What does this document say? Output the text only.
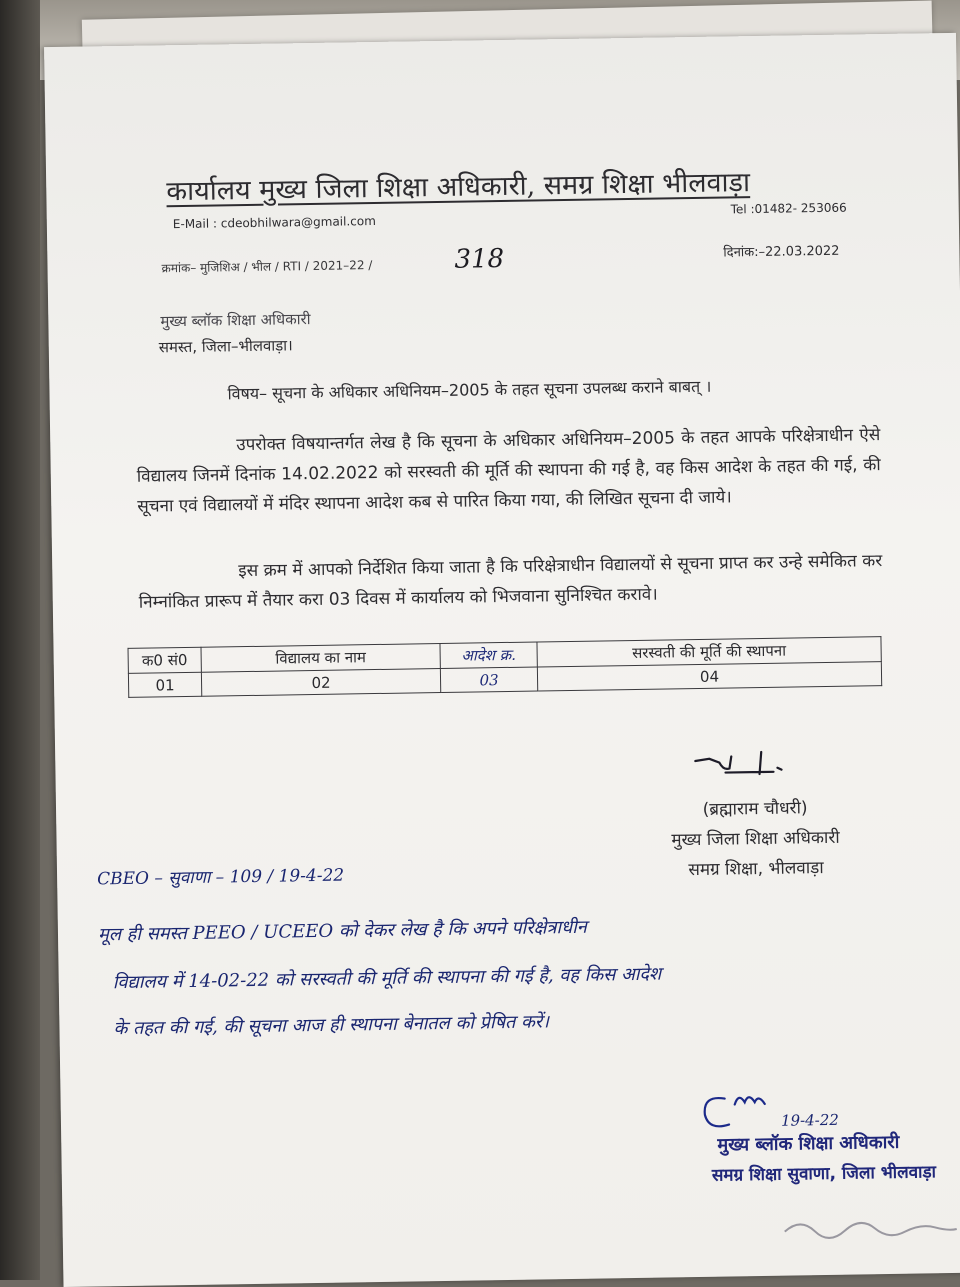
कार्यालय मुख्य जिला शिक्षा अधिकारी, समग्र शिक्षा भीलवाड़ा
E-Mail : cdeobhilwara@gmail.com
Tel :01482- 253066
क्रमांक– मुजिशिअ / भील / RTI / 2021–22 /	318	दिनांक:–22.03.2022
मुख्य ब्लॉक शिक्षा अधिकारी
समस्त, जिला–भीलवाड़ा।
विषय– सूचना के अधिकार अधिनियम–2005 के तहत सूचना उपलब्ध कराने बाबत् ।
उपरोक्त विषयान्तर्गत लेख है कि सूचना के अधिकार अधिनियम–2005 के तहत आपके परिक्षेत्राधीन ऐसे विद्यालय जिनमें दिनांक 14.02.2022 को सरस्वती की मूर्ति की स्थापना की गई है, वह किस आदेश के तहत की गई, की सूचना एवं विद्यालयों में मंदिर स्थापना आदेश कब से पारित किया गया, की लिखित सूचना दी जाये।
इस क्रम में आपको निर्देशित किया जाता है कि परिक्षेत्राधीन विद्यालयों से सूचना प्राप्त कर उन्हे समेकित कर निम्नांकित प्रारूप में तैयार करा 03 दिवस में कार्यालय को भिजवाना सुनिश्चित करावे।
क0 सं0	विद्यालय का नाम	आदेश क्र.	सरस्वती की मूर्ति की स्थापना
01	02	03	04
(ब्रह्माराम चौधरी)
मुख्य जिला शिक्षा अधिकारी
समग्र शिक्षा, भीलवाड़ा
CBEO – सुवाणा – 109 / 19-4-22
मूल ही समस्त PEEO / UCEEO को देकर लेख है कि अपने परिक्षेत्राधीन
विद्यालय में 14-02-22 को सरस्वती की मूर्ति की स्थापना की गई है, वह किस आदेश
के तहत की गई, की सूचना आज ही स्थापना बेनातल को प्रेषित करें।
19-4-22
मुख्य ब्लॉक शिक्षा अधिकारी
समग्र शिक्षा सुवाणा, जिला भीलवाड़ा
